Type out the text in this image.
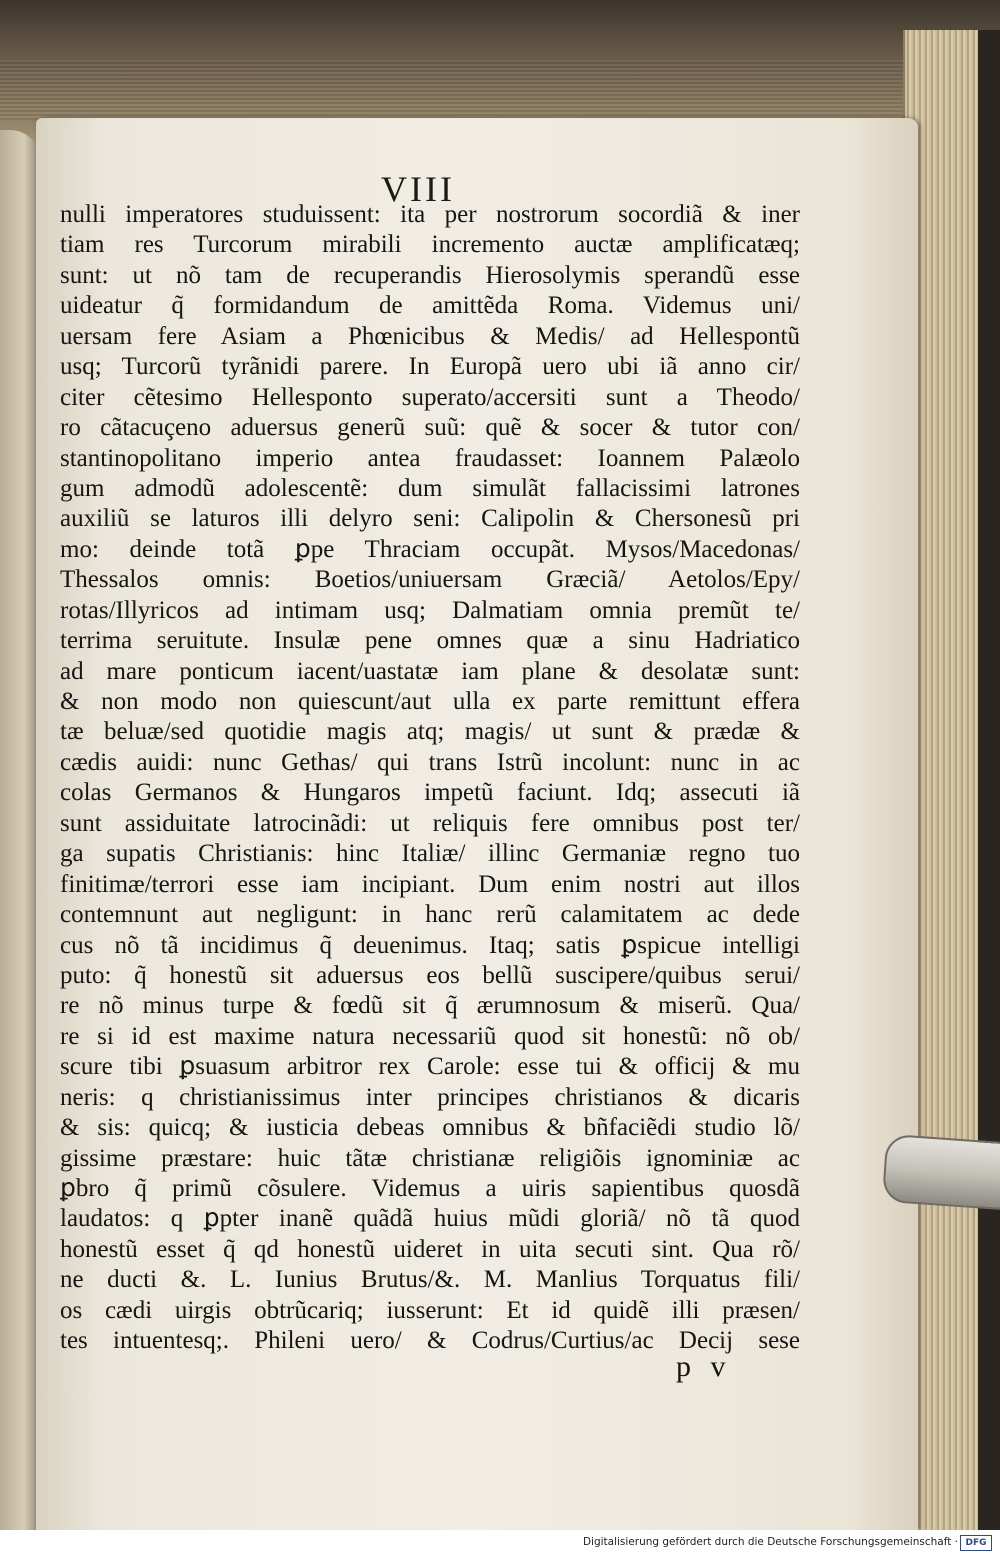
VIII
nulli imperatores studuissent: ita per nostrorum socordiã & iner
tiam res Turcorum mirabili incremento auctæ amplificatæq;
sunt: ut nõ tam de recuperandis Hierosolymis sperandũ esse
uideatur q̃ formidandum de amittẽda Roma. Videmus uni/
uersam fere Asiam a Phœnicibus & Medis/ ad Hellespontũ
usq; Turcorũ tyrãnidi parere. In Europã uero ubi iã anno cir/
citer cẽtesimo Hellesponto superato/accersiti sunt a Theodo/
ro cãtacuçeno aduersus generũ suũ: quẽ & socer & tutor con/
stantinopolitano imperio antea fraudasset: Ioannem Palæolo
gum admodũ adolescentẽ: dum simulãt fallacissimi latrones
auxiliũ se laturos illi delyro seni: Calipolin & Chersonesũ pri
mo: deinde totã ꝑpe Thraciam occupãt. Mysos/Macedonas/
Thessalos omnis: Boetios/uniuersam Græciã/ Aetolos/Epy/
rotas/Illyricos ad intimam usq; Dalmatiam omnia premũt te/
terrima seruitute. Insulæ pene omnes quæ a sinu Hadriatico
ad mare ponticum iacent/uastatæ iam plane & desolatæ sunt:
& non modo non quiescunt/aut ulla ex parte remittunt effera
tæ beluæ/sed quotidie magis atq; magis/ ut sunt & prædæ &
cædis auidi: nunc Gethas/ qui trans Istrũ incolunt: nunc in ac
colas Germanos & Hungaros impetũ faciunt. Idq; assecuti iã
sunt assiduitate latrocinãdi: ut reliquis fere omnibus post ter/
ga supatis Christianis: hinc Italiæ/ illinc Germaniæ regno tuo
finitimæ/terrori esse iam incipiant. Dum enim nostri aut illos
contemnunt aut negligunt: in hanc rerũ calamitatem ac dede
cus nõ tã incidimus q̃ deuenimus. Itaq; satis ꝑspicue intelligi
puto: q̃ honestũ sit aduersus eos bellũ suscipere/quibus serui/
re nõ minus turpe & fœdũ sit q̃ ærumnosum & miserũ. Qua/
re si id est maxime natura necessariũ quod sit honestũ: nõ ob/
scure tibi ꝑsuasum arbitror rex Carole: esse tui & officij & mu
neris: q christianissimus inter principes christianos & dicaris
& sis: quicq; & iusticia debeas omnibus & bñfaciẽdi studio lõ/
gissime præstare: huic tãtæ christianæ religiõis ignominiæ ac
ꝑbro q̃ primũ cõsulere. Videmus a uiris sapientibus quosdã
laudatos: q ꝑpter inanẽ quãdã huius mũdi gloriã/ nõ tã quod
honestũ esset q̃ qd honestũ uideret in uita secuti sint. Qua rõ/
ne ducti &. L. Iunius Brutus/&. M. Manlius Torquatus fili/
os cædi uirgis obtrũcariq; iusserunt: Et id quidẽ illi præsen/
tes intuentesq;. Phileni uero/ & Codrus/Curtius/ac Decij sese
p v
Digitalisierung gefördert durch die Deutsche Forschungsgemeinschaft · DFG
